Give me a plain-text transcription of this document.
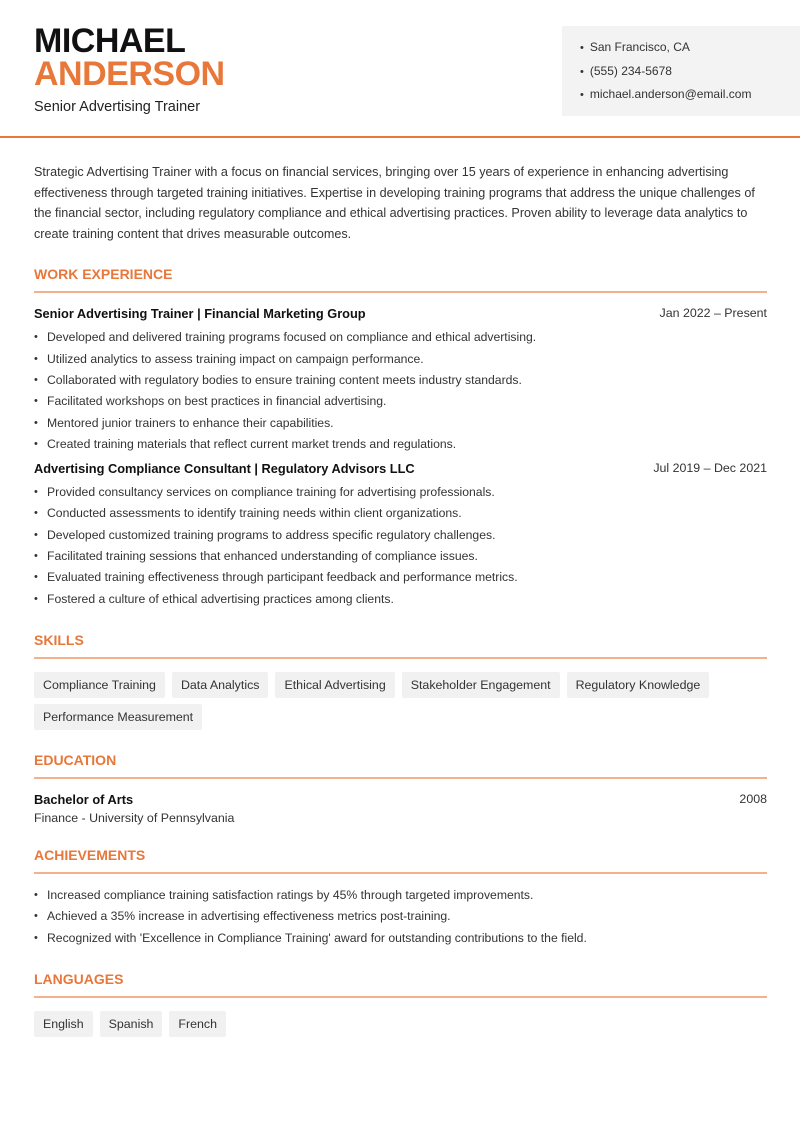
MICHAEL
ANDERSON
Senior Advertising Trainer
• San Francisco, CA
• (555) 234-5678
• michael.anderson@email.com

Strategic Advertising Trainer with a focus on financial services, bringing over 15 years of experience in enhancing advertising effectiveness through targeted training initiatives. Expertise in developing training programs that address the unique challenges of the financial sector, including regulatory compliance and ethical advertising practices. Proven ability to leverage data analytics to create training content that drives measurable outcomes.

WORK EXPERIENCE
Senior Advertising Trainer | Financial Marketing Group	Jan 2022 – Present
• Developed and delivered training programs focused on compliance and ethical advertising.
• Utilized analytics to assess training impact on campaign performance.
• Collaborated with regulatory bodies to ensure training content meets industry standards.
• Facilitated workshops on best practices in financial advertising.
• Mentored junior trainers to enhance their capabilities.
• Created training materials that reflect current market trends and regulations.
Advertising Compliance Consultant | Regulatory Advisors LLC	Jul 2019 – Dec 2021
• Provided consultancy services on compliance training for advertising professionals.
• Conducted assessments to identify training needs within client organizations.
• Developed customized training programs to address specific regulatory challenges.
• Facilitated training sessions that enhanced understanding of compliance issues.
• Evaluated training effectiveness through participant feedback and performance metrics.
• Fostered a culture of ethical advertising practices among clients.
SKILLS
Compliance Training	Data Analytics	Ethical Advertising	Stakeholder Engagement	Regulatory Knowledge
Performance Measurement
EDUCATION
Bachelor of Arts	2008
Finance - University of Pennsylvania
ACHIEVEMENTS
• Increased compliance training satisfaction ratings by 45% through targeted improvements.
• Achieved a 35% increase in advertising effectiveness metrics post-training.
• Recognized with 'Excellence in Compliance Training' award for outstanding contributions to the field.
LANGUAGES
English	Spanish	French
